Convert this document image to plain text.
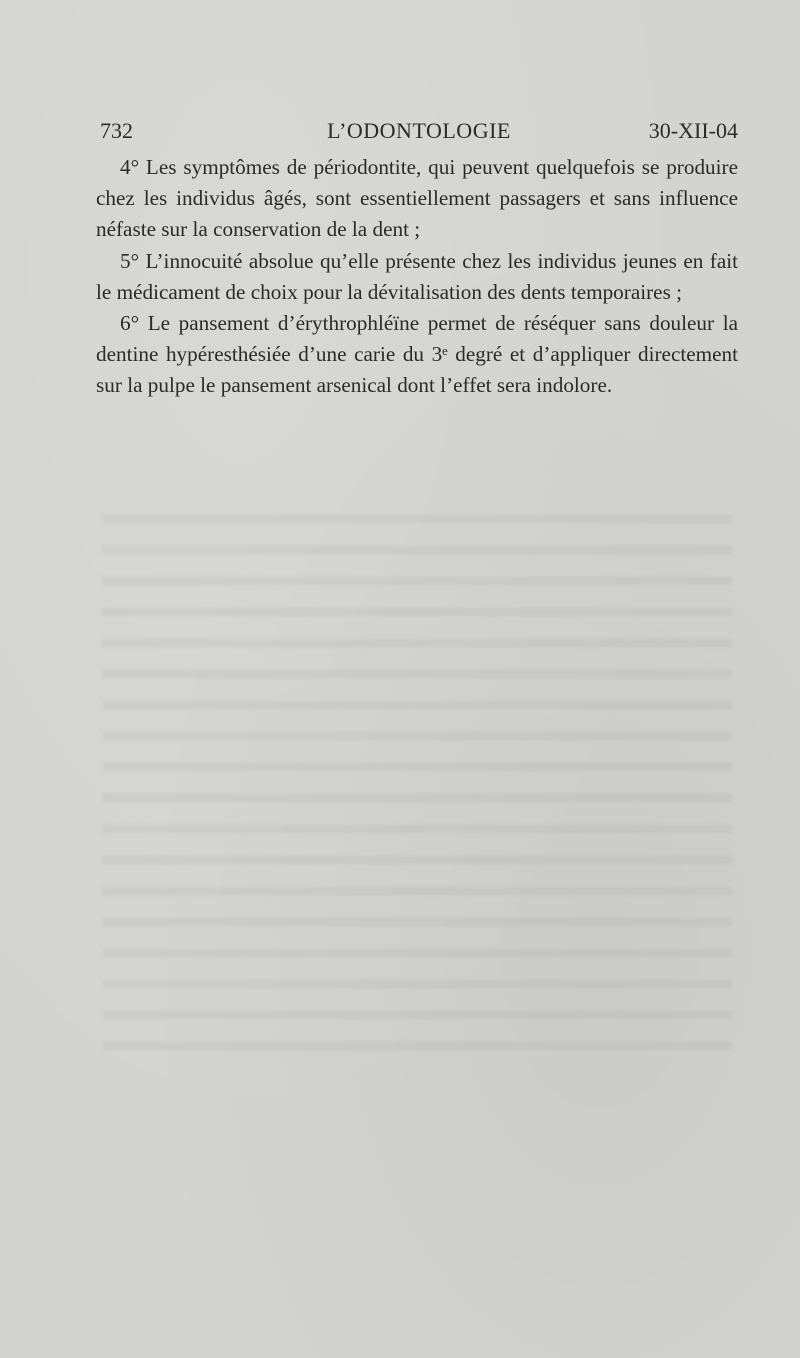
732	L’ODONTOLOGIE	30-XII-04

4° Les symptômes de périodontite, qui peuvent quelquefois se produire chez les individus âgés, sont essentiellement passagers et sans influence néfaste sur la conservation de la dent ;

5° L’innocuité absolue qu’elle présente chez les individus jeunes en fait le médicament de choix pour la dévitalisation des dents temporaires ;

6° Le pansement d’érythrophléïne permet de réséquer sans douleur la dentine hypéresthésiée d’une carie du 3ᵉ degré et d’appliquer directement sur la pulpe le pansement arsenical dont l’effet sera indolore.
